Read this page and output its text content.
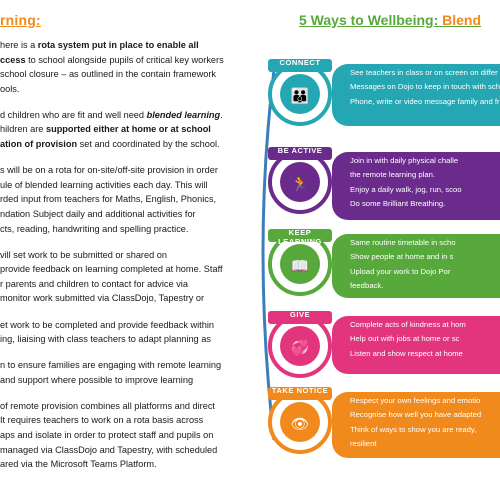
rning:

here is a rota system put in place to enable all
ccess to school alongside pupils of critical key workers
school closure – as outlined in the contain framework
ools.

d children who are fit and well need blended learning.
hildren are supported either at home or at school
ation of provision set and coordinated by the school.

s will be on a rota for on-site/off-site provision in order
ule of blended learning activities each day. This will
rded input from teachers for Maths, English, Phonics,
ndation Subject daily and additional activities for
cts, reading, handwriting and spelling practice.

vill set work to be submitted or shared on
provide feedback on learning completed at home. Staff
r parents and children to contact for advice via
monitor work submitted via ClassDojo, Tapestry or

et work to be completed and provide feedback within
ing, liaising with class teachers to adapt planning as

n to ensure families are engaging with remote learning
and support where possible to improve learning

of remote provision combines all platforms and direct
It requires teachers to work on a rota basis across
aps and isolate in order to protect staff and pupils on
managed via ClassDojo and Tapestry, with scheduled
ared via the Microsoft Teams Platform.

5 Ways to Wellbeing: Blend
See teachers in class or on screen on differ
Messages on Dojo to keep in touch with sch
Phone, write or video message family and fr
👪
CONNECT
Join in with daily physical challe
the remote learning plan.
Enjoy a daily walk, jog, run, scoo
Do some Brilliant Breathing.
🏃
BE ACTIVE
Same routine timetable in scho
Show people at home and in s
Upload your work to Dojo Por
feedback.
📖
KEEP LEARNING
Complete acts of kindness at hom
Help out with jobs at home or sc
Listen and show respect at home
💞
GIVE
Respect your own feelings and emotio
Recognise how well you have adapted
Think of ways to show you are ready,
resilient
👁
TAKE NOTICE
